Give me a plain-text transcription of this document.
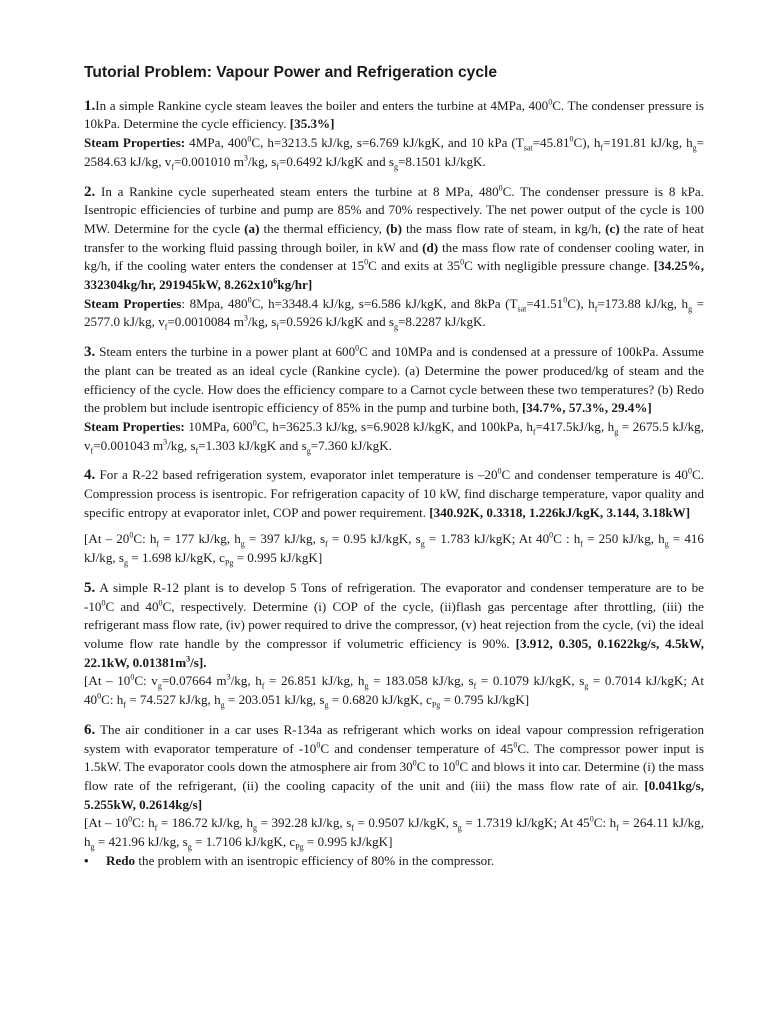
Tutorial Problem: Vapour Power and Refrigeration cycle

1.In a simple Rankine cycle steam leaves the boiler and enters the turbine at 4MPa, $400^0C$. The condenser pressure is 10kPa. Determine the cycle efficiency. [35.3%]

Steam Properties: 4MPa, $400^0C$, h=3213.5 kJ/kg, s=6.769 kJ/kgK, and 10 kPa $(T_{sat}=45.81^0C)$, $h_f=191.81$ kJ/kg, $h_g= 2584.63$ kJ/kg, $v_f=0.001010$ $m^3/kg$, $s_f=0.6492$ kJ/kgK and $s_g=8.1501$ kJ/kgK.

2. In a Rankine cycle superheated steam enters the turbine at 8 MPa, $480^0C$. The condenser pressure is 8 kPa. Isentropic efficiencies of turbine and pump are 85% and 70% respectively. The net power output of the cycle is 100 MW. Determine for the cycle (a) the thermal efficiency, (b) the mass flow rate of steam, in kg/h, (c) the rate of heat transfer to the working fluid passing through boiler, in kW and (d) the mass flow rate of condenser cooling water, in kg/h, if the cooling water enters the condenser at $15^0C$ and exits at $35^0C$ with negligible pressure change. [34.25%, 332304kg/hr, 291945kW, $8.262x10^6kg/hr$]

Steam Properties: 8Mpa, $480^0C$, h=3348.4 kJ/kg, s=6.586 kJ/kgK, and 8kPa $(T_{sat}=41.51^0C)$, $h_f=173.88$ kJ/kg, $h_g = 2577.0$ kJ/kg, $v_f=0.0010084$ $m^3/kg$, $s_f=0.5926$ kJ/kgK and $s_g=8.2287$ kJ/kgK.

3. Steam enters the turbine in a power plant at $600^0C$ and 10MPa and is condensed at a pressure of 100kPa. Assume the plant can be treated as an ideal cycle (Rankine cycle). (a) Determine the power produced/kg of steam and the efficiency of the cycle. How does the efficiency compare to a Carnot cycle between these two temperatures? (b) Redo the problem but include isentropic efficiency of 85% in the pump and turbine both, [34.7%, 57.3%, 29.4%]

Steam Properties: 10MPa, $600^0C$, h=3625.3 kJ/kg, s=6.9028 kJ/kgK, and 100kPa, $h_f=417.5kJ/kg$, $h_g = 2675.5$ kJ/kg, $v_f=0.001043$ $m^3/kg$, $s_f=1.303$ kJ/kgK and $s_g=7.360$ kJ/kgK.

4. For a R-22 based refrigeration system, evaporator inlet temperature is $-20^0C$ and condenser temperature is $40^0C$. Compression process is isentropic. For refrigeration capacity of 10 kW, find discharge temperature, vapor quality and specific entropy at evaporator inlet, COP and power requirement. [340.92K, 0.3318, 1.226kJ/kgK, 3.144, 3.18kW]

[$At - 20^0C$: $h_f = 177$ kJ/kg, $h_g = 397$ kJ/kg, $s_f = 0.95$ kJ/kgK, $s_g = 1.783$ kJ/kgK; At $40^0C$ : $h_f = 250$ kJ/kg, $h_g = 416$ kJ/kg, $s_g = 1.698$ kJ/kgK, $c_{Pg} = 0.995$ kJ/kgK]

5. A simple R-12 plant is to develop 5 Tons of refrigeration. The evaporator and condenser temperature are to be $-10^0C$ and $40^0C$, respectively. Determine (i) COP of the cycle, (ii)flash gas percentage after throttling, (iii) the refrigerant mass flow rate, (iv) power required to drive the compressor, (v) heat rejection from the cycle, (vi) the ideal volume flow rate handle by the compressor if volumetric efficiency is 90%. [3.912, 0.305, 0.1622kg/s, 4.5kW, 22.1kW, $0.01381m^3/s$].

[$At - 10^0C$: $v_g=0.07664$ $m^3/kg$, $h_f = 26.851$ kJ/kg, $h_g = 183.058$ kJ/kg, $s_f = 0.1079$ kJ/kgK, $s_g = 0.7014$ kJ/kgK; At $40^0C$: $h_f = 74.527$ kJ/kg, $h_g = 203.051$ kJ/kg, $s_g = 0.6820$ kJ/kgK, $c_{Pg} = 0.795$ kJ/kgK]

6. The air conditioner in a car uses R-134a as refrigerant which works on ideal vapour compression refrigeration system with evaporator temperature of $-10^0C$ and condenser temperature of $45^0C$. The compressor power input is 1.5kW. The evaporator cools down the atmosphere air from $30^0C$ to $10^0C$ and blows it into car. Determine (i) the mass flow rate of the refrigerant, (ii) the cooling capacity of the unit and (iii) the mass flow rate of air. [0.041kg/s, 5.255kW, 0.2614kg/s]

[$At - 10^0C$: $h_f = 186.72$ kJ/kg, $h_g = 392.28$ kJ/kg, $s_f = 0.9507$ kJ/kgK, $s_g = 1.7319$ kJ/kgK; At $45^0C$: $h_f = 264.11$ kJ/kg, $h_g = 421.96$ kJ/kg, $s_g = 1.7106$ kJ/kgK, $c_{Pg} = 0.995$ kJ/kgK]

• Redo the problem with an isentropic efficiency of 80% in the compressor.
